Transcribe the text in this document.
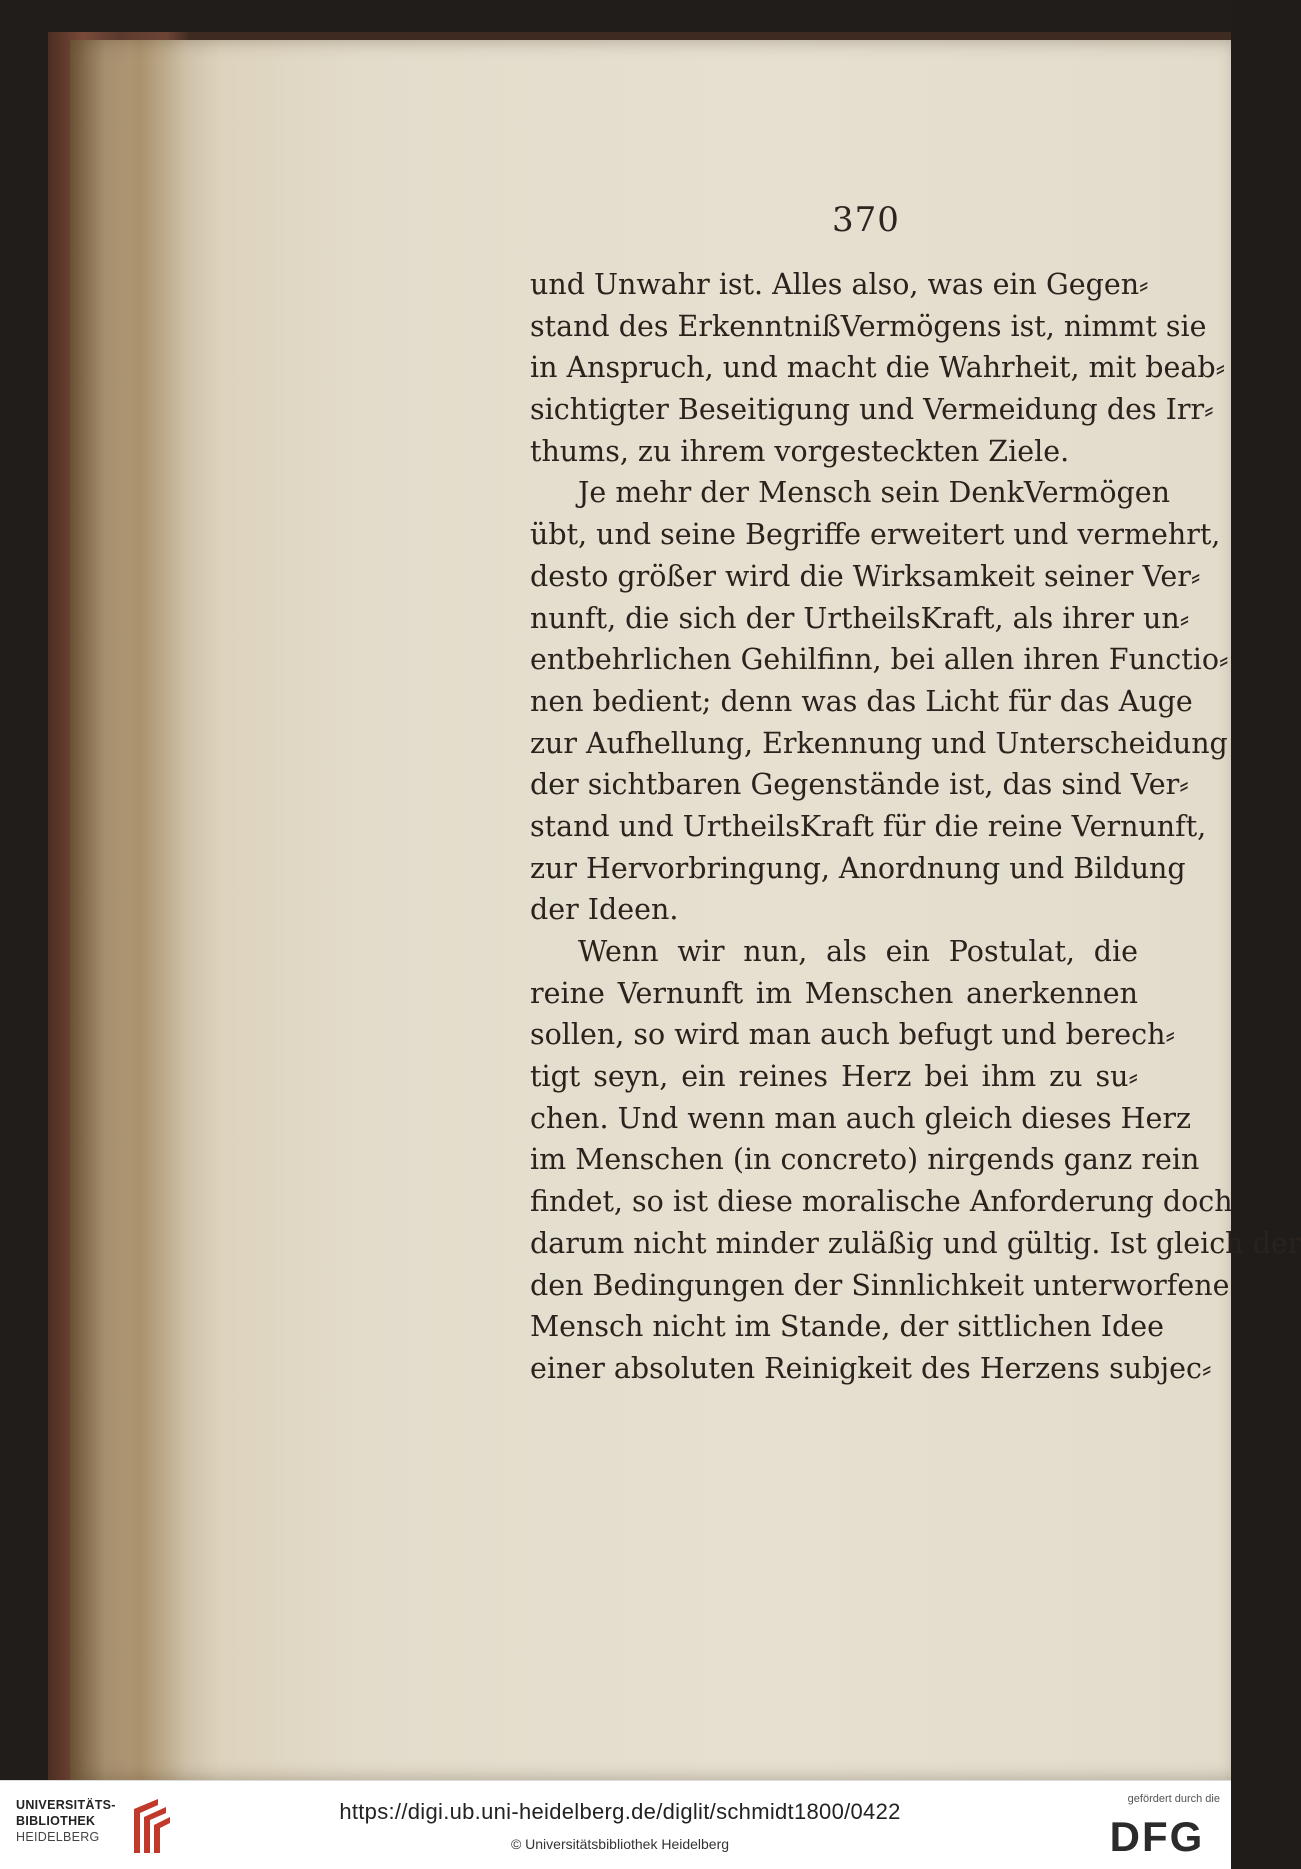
370
und Unwahr ist. Alles also, was ein Gegen⸗
stand des ErkenntnißVermögens ist, nimmt sie
in Anspruch, und macht die Wahrheit, mit beab⸗
sichtigter Beseitigung und Vermeidung des Irr⸗
thums, zu ihrem vorgesteckten Ziele.
Je mehr der Mensch sein DenkVermögen
übt, und seine Begriffe erweitert und vermehrt,
desto größer wird die Wirksamkeit seiner Ver⸗
nunft, die sich der UrtheilsKraft, als ihrer un⸗
entbehrlichen Gehilfinn, bei allen ihren Functio⸗
nen bedient; denn was das Licht für das Auge
zur Aufhellung, Erkennung und Unterscheidung
der sichtbaren Gegenstände ist, das sind Ver⸗
stand und UrtheilsKraft für die reine Vernunft,
zur Hervorbringung, Anordnung und Bildung
der Ideen.
Wenn wir nun, als ein Postulat, die
reine Vernunft im Menschen anerkennen
sollen, so wird man auch befugt und berech⸗
tigt seyn, ein reines Herz bei ihm zu su⸗
chen. Und wenn man auch gleich dieses Herz
im Menschen (in concreto) nirgends ganz rein
findet, so ist diese moralische Anforderung doch
darum nicht minder zuläßig und gültig. Ist gleich der
den Bedingungen der Sinnlichkeit unterworfene
Mensch nicht im Stande, der sittlichen Idee
einer absoluten Reinigkeit des Herzens subjec⸗
UNIVERSITÄTS-
BIBLIOTHEK
HEIDELBERG
https://digi.ub.uni-heidelberg.de/diglit/schmidt1800/0422
© Universitätsbibliothek Heidelberg
gefördert durch die
DFG
